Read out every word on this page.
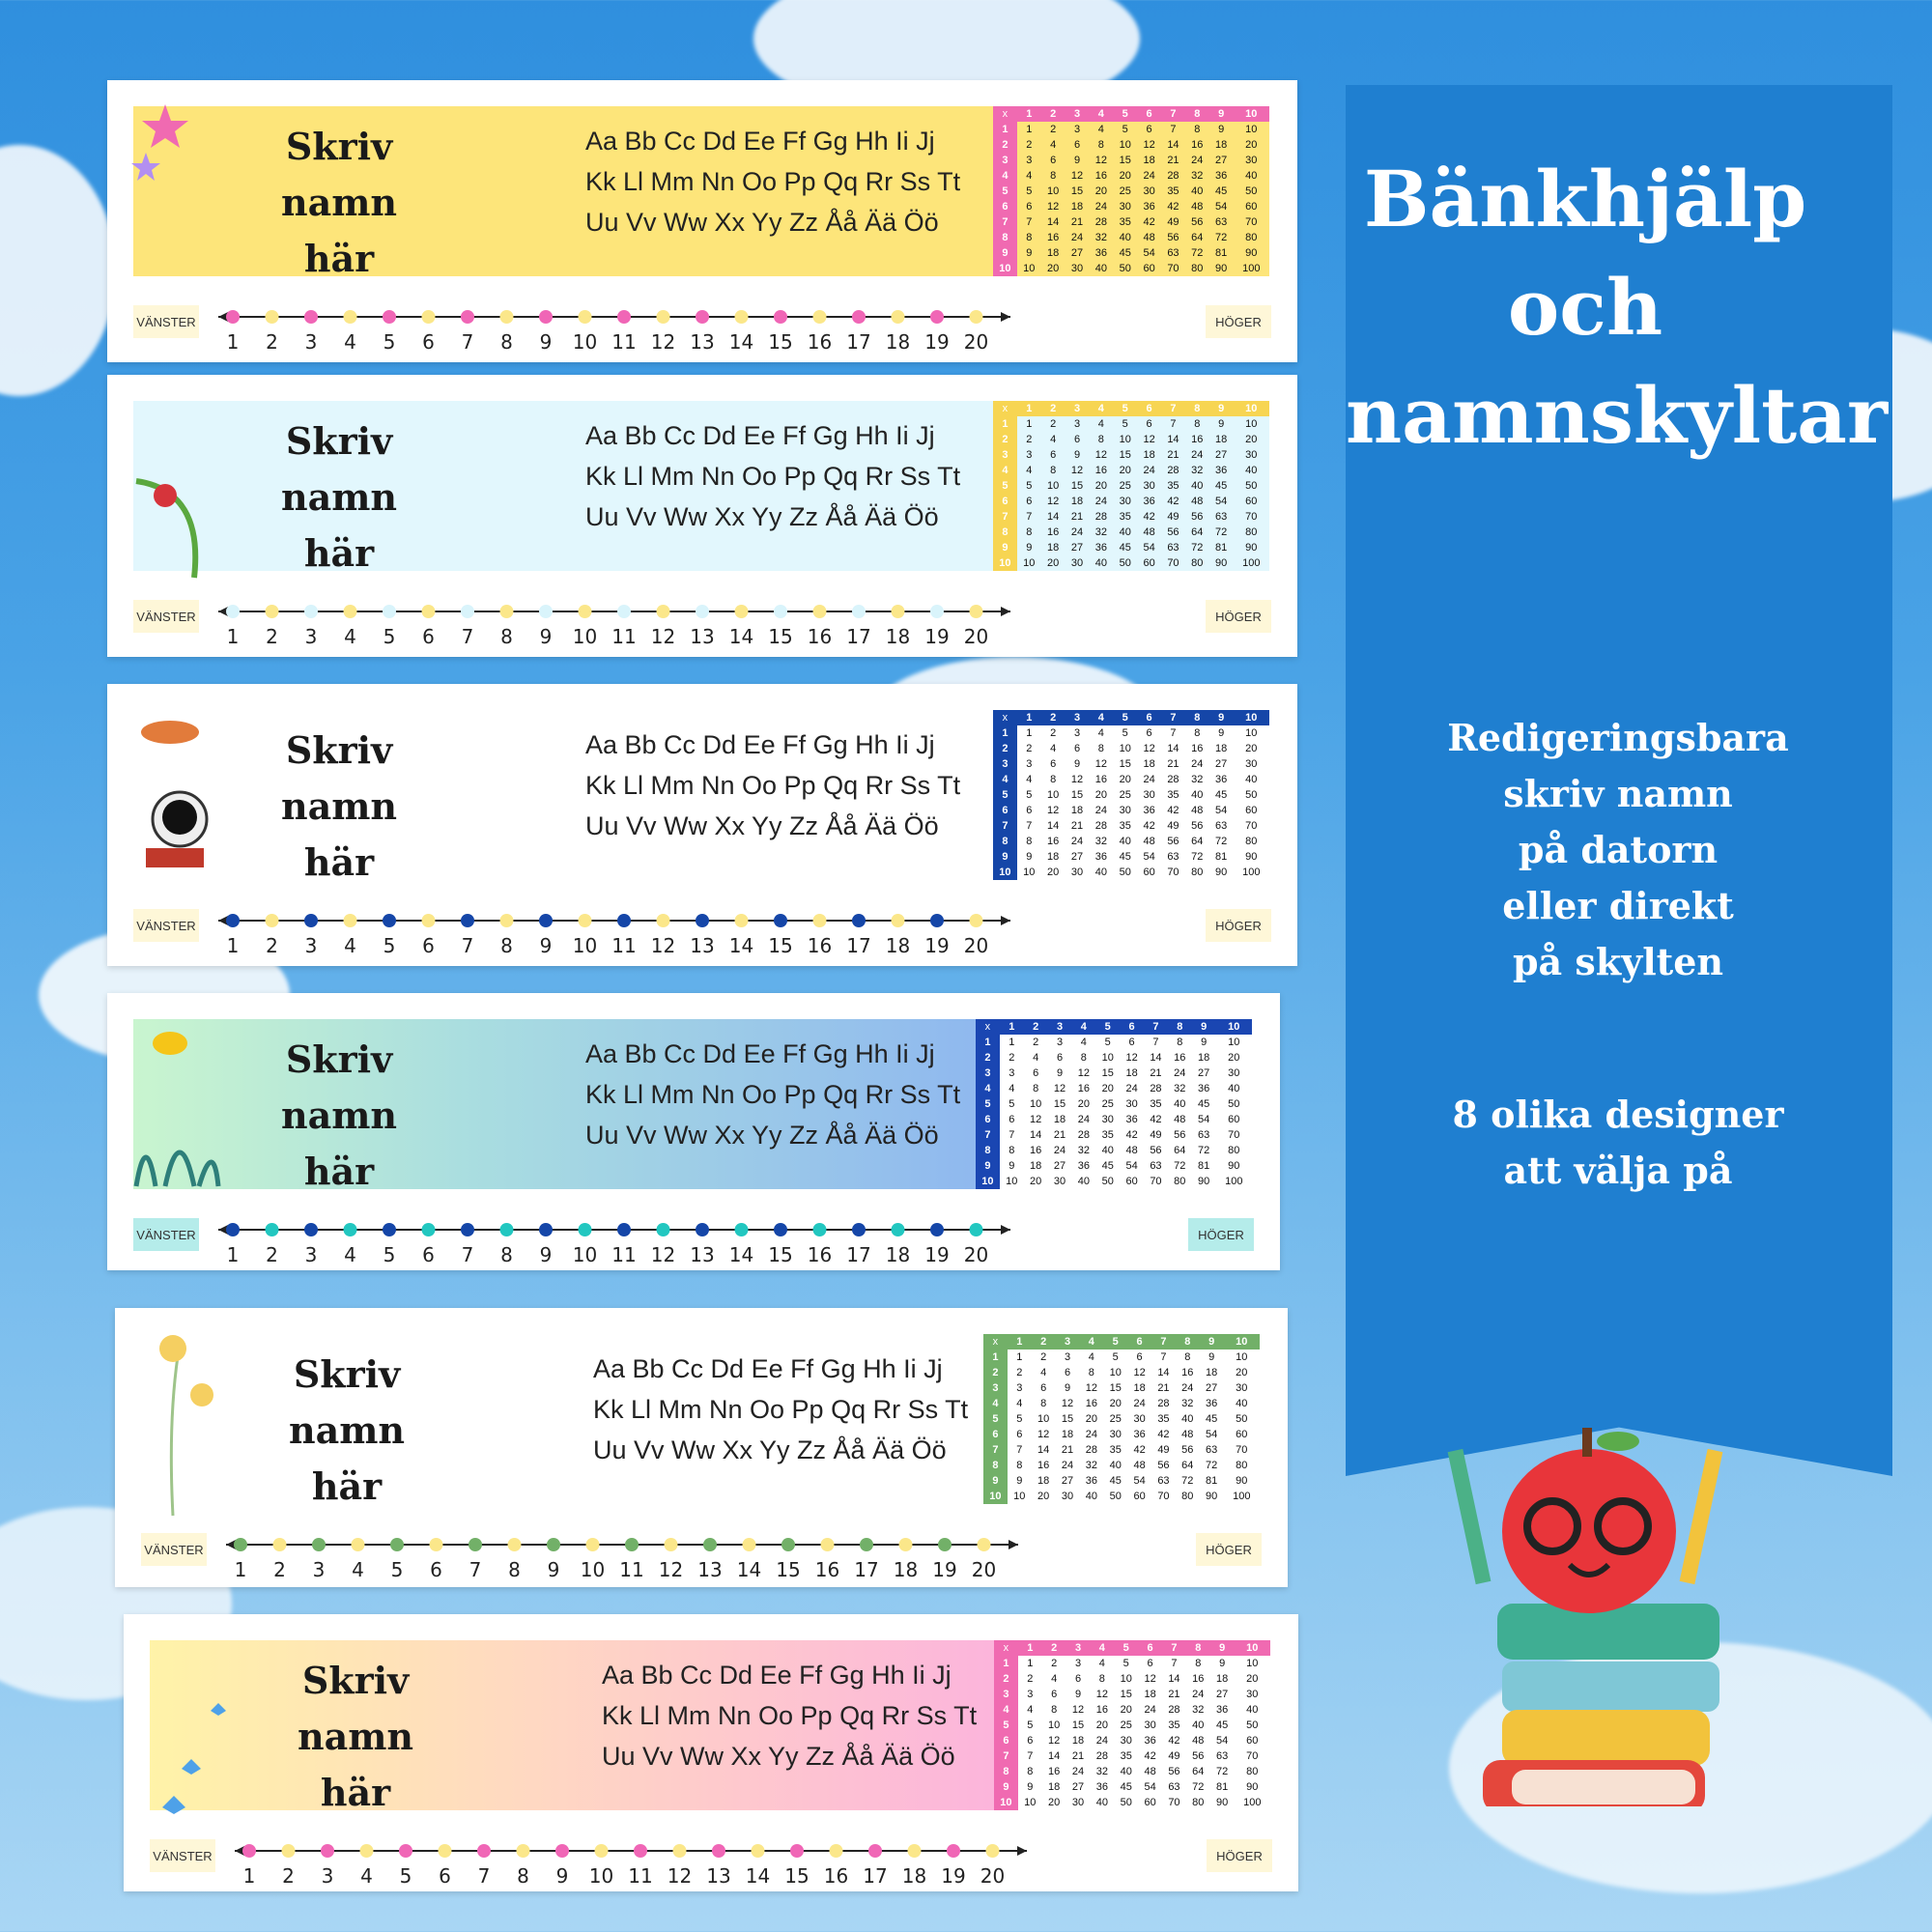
Bänkhjälp
och
namnskyltar
Redigeringsbara
skriv namn
på datorn
eller direkt
på skylten
8 olika designer
att välja på
Skriv namn
här
Aa Bb Cc Dd Ee Ff Gg Hh Ii Jj
Kk Ll Mm Nn Oo Pp Qq Rr Ss Tt
Uu Vv Ww Xx Yy Zz Åå Ää Öö
x	1	2	3	4	5	6	7	8	9	10
1	1	2	3	4	5	6	7	8	9	10
2	2	4	6	8	10	12	14	16	18	20
3	3	6	9	12	15	18	21	24	27	30
4	4	8	12	16	20	24	28	32	36	40
5	5	10	15	20	25	30	35	40	45	50
6	6	12	18	24	30	36	42	48	54	60
7	7	14	21	28	35	42	49	56	63	70
8	8	16	24	32	40	48	56	64	72	80
9	9	18	27	36	45	54	63	72	81	90
10	10	20	30	40	50	60	70	80	90	100
VÄNSTER	HÖGER
1 2 3 4 5 6 7 8 9 10 11 12 13 14 15 16 17 18 19 20
Skriv namn
här
Aa Bb Cc Dd Ee Ff Gg Hh Ii Jj
Kk Ll Mm Nn Oo Pp Qq Rr Ss Tt
Uu Vv Ww Xx Yy Zz Åå Ää Öö
x	1	2	3	4	5	6	7	8	9	10
1	1	2	3	4	5	6	7	8	9	10
2	2	4	6	8	10	12	14	16	18	20
3	3	6	9	12	15	18	21	24	27	30
4	4	8	12	16	20	24	28	32	36	40
5	5	10	15	20	25	30	35	40	45	50
6	6	12	18	24	30	36	42	48	54	60
7	7	14	21	28	35	42	49	56	63	70
8	8	16	24	32	40	48	56	64	72	80
9	9	18	27	36	45	54	63	72	81	90
10	10	20	30	40	50	60	70	80	90	100
VÄNSTER	HÖGER
1 2 3 4 5 6 7 8 9 10 11 12 13 14 15 16 17 18 19 20
Skriv namn
här
Aa Bb Cc Dd Ee Ff Gg Hh Ii Jj
Kk Ll Mm Nn Oo Pp Qq Rr Ss Tt
Uu Vv Ww Xx Yy Zz Åå Ää Öö
x	1	2	3	4	5	6	7	8	9	10
1	1	2	3	4	5	6	7	8	9	10
2	2	4	6	8	10	12	14	16	18	20
3	3	6	9	12	15	18	21	24	27	30
4	4	8	12	16	20	24	28	32	36	40
5	5	10	15	20	25	30	35	40	45	50
6	6	12	18	24	30	36	42	48	54	60
7	7	14	21	28	35	42	49	56	63	70
8	8	16	24	32	40	48	56	64	72	80
9	9	18	27	36	45	54	63	72	81	90
10	10	20	30	40	50	60	70	80	90	100
VÄNSTER	HÖGER
1 2 3 4 5 6 7 8 9 10 11 12 13 14 15 16 17 18 19 20
Skriv namn
här
Aa Bb Cc Dd Ee Ff Gg Hh Ii Jj
Kk Ll Mm Nn Oo Pp Qq Rr Ss Tt
Uu Vv Ww Xx Yy Zz Åå Ää Öö
x	1	2	3	4	5	6	7	8	9	10
1	1	2	3	4	5	6	7	8	9	10
2	2	4	6	8	10	12	14	16	18	20
3	3	6	9	12	15	18	21	24	27	30
4	4	8	12	16	20	24	28	32	36	40
5	5	10	15	20	25	30	35	40	45	50
6	6	12	18	24	30	36	42	48	54	60
7	7	14	21	28	35	42	49	56	63	70
8	8	16	24	32	40	48	56	64	72	80
9	9	18	27	36	45	54	63	72	81	90
10	10	20	30	40	50	60	70	80	90	100
VÄNSTER	HÖGER
1 2 3 4 5 6 7 8 9 10 11 12 13 14 15 16 17 18 19 20
Skriv namn
här
Aa Bb Cc Dd Ee Ff Gg Hh Ii Jj
Kk Ll Mm Nn Oo Pp Qq Rr Ss Tt
Uu Vv Ww Xx Yy Zz Åå Ää Öö
x	1	2	3	4	5	6	7	8	9	10
1	1	2	3	4	5	6	7	8	9	10
2	2	4	6	8	10	12	14	16	18	20
3	3	6	9	12	15	18	21	24	27	30
4	4	8	12	16	20	24	28	32	36	40
5	5	10	15	20	25	30	35	40	45	50
6	6	12	18	24	30	36	42	48	54	60
7	7	14	21	28	35	42	49	56	63	70
8	8	16	24	32	40	48	56	64	72	80
9	9	18	27	36	45	54	63	72	81	90
10	10	20	30	40	50	60	70	80	90	100
VÄNSTER	HÖGER
1 2 3 4 5 6 7 8 9 10 11 12 13 14 15 16 17 18 19 20
Skriv namn
här
Aa Bb Cc Dd Ee Ff Gg Hh Ii Jj
Kk Ll Mm Nn Oo Pp Qq Rr Ss Tt
Uu Vv Ww Xx Yy Zz Åå Ää Öö
x	1	2	3	4	5	6	7	8	9	10
1	1	2	3	4	5	6	7	8	9	10
2	2	4	6	8	10	12	14	16	18	20
3	3	6	9	12	15	18	21	24	27	30
4	4	8	12	16	20	24	28	32	36	40
5	5	10	15	20	25	30	35	40	45	50
6	6	12	18	24	30	36	42	48	54	60
7	7	14	21	28	35	42	49	56	63	70
8	8	16	24	32	40	48	56	64	72	80
9	9	18	27	36	45	54	63	72	81	90
10	10	20	30	40	50	60	70	80	90	100
VÄNSTER	HÖGER
1 2 3 4 5 6 7 8 9 10 11 12 13 14 15 16 17 18 19 20
